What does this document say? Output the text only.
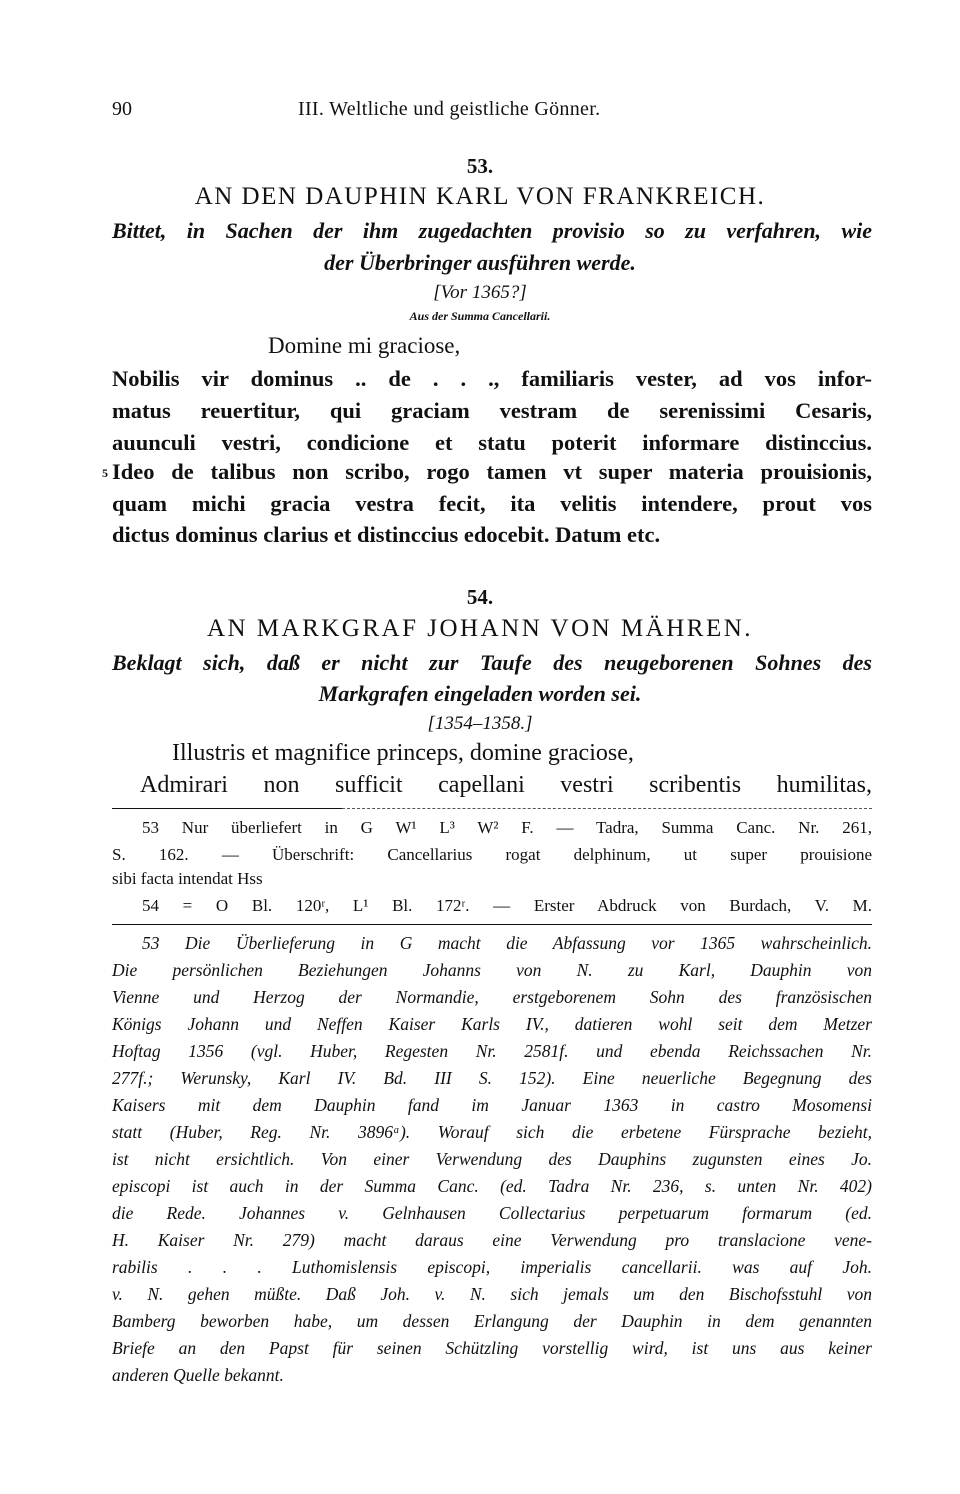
90	III. Weltliche und geistliche Gönner.
53.
AN DEN DAUPHIN KARL VON FRANKREICH.
Bittet, in Sachen der ihm zugedachten provisio so zu verfahren, wie
der Überbringer ausführen werde.
[Vor 1365?]
Aus der Summa Cancellarii.
Domine mi graciose,
Nobilis vir dominus .. de . . ., familiaris vester, ad vos infor-
matus reuertitur, qui graciam vestram de serenissimi Cesaris,
auunculi vestri, condicione et statu poterit informare distinccius.
5 Ideo de talibus non scribo, rogo tamen vt super materia prouisionis,
quam michi gracia vestra fecit, ita velitis intendere, prout vos
dictus dominus clarius et distinccius edocebit. Datum etc.
54.
AN MARKGRAF JOHANN VON MÄHREN.
Beklagt sich, daß er nicht zur Taufe des neugeborenen Sohnes des
Markgrafen eingeladen worden sei.
[1354–1358.]
Illustris et magnifice princeps, domine graciose,
Admirari non sufficit capellani vestri scribentis humilitas,
53 Nur überliefert in G W¹ L³ W² F. — Tadra, Summa Canc. Nr. 261,
S. 162. — Überschrift: Cancellarius rogat delphinum, ut super prouisione
sibi facta intendat Hss
54 = O Bl. 120ʳ, L¹ Bl. 172ʳ. — Erster Abdruck von Burdach, V. M.
53 Die Überlieferung in G macht die Abfassung vor 1365 wahrscheinlich.
Die persönlichen Beziehungen Johanns von N. zu Karl, Dauphin von
Vienne und Herzog der Normandie, erstgeborenem Sohn des französischen
Königs Johann und Neffen Kaiser Karls IV., datieren wohl seit dem Metzer
Hoftag 1356 (vgl. Huber, Regesten Nr. 2581f. und ebenda Reichssachen Nr.
277f.; Werunsky, Karl IV. Bd. III S. 152). Eine neuerliche Begegnung des
Kaisers mit dem Dauphin fand im Januar 1363 in castro Mosomensi
statt (Huber, Reg. Nr. 3896ᵃ). Worauf sich die erbetene Fürsprache bezieht,
ist nicht ersichtlich. Von einer Verwendung des Dauphins zugunsten eines Jo.
episcopi ist auch in der Summa Canc. (ed. Tadra Nr. 236, s. unten Nr. 402)
die Rede. Johannes v. Gelnhausen Collectarius perpetuarum formarum (ed.
H. Kaiser Nr. 279) macht daraus eine Verwendung pro translacione vene-
rabilis . . . Luthomislensis episcopi, imperialis cancellarii. was auf Joh.
v. N. gehen müßte. Daß Joh. v. N. sich jemals um den Bischofsstuhl von
Bamberg beworben habe, um dessen Erlangung der Dauphin in dem genannten
Briefe an den Papst für seinen Schützling vorstellig wird, ist uns aus keiner
anderen Quelle bekannt.
